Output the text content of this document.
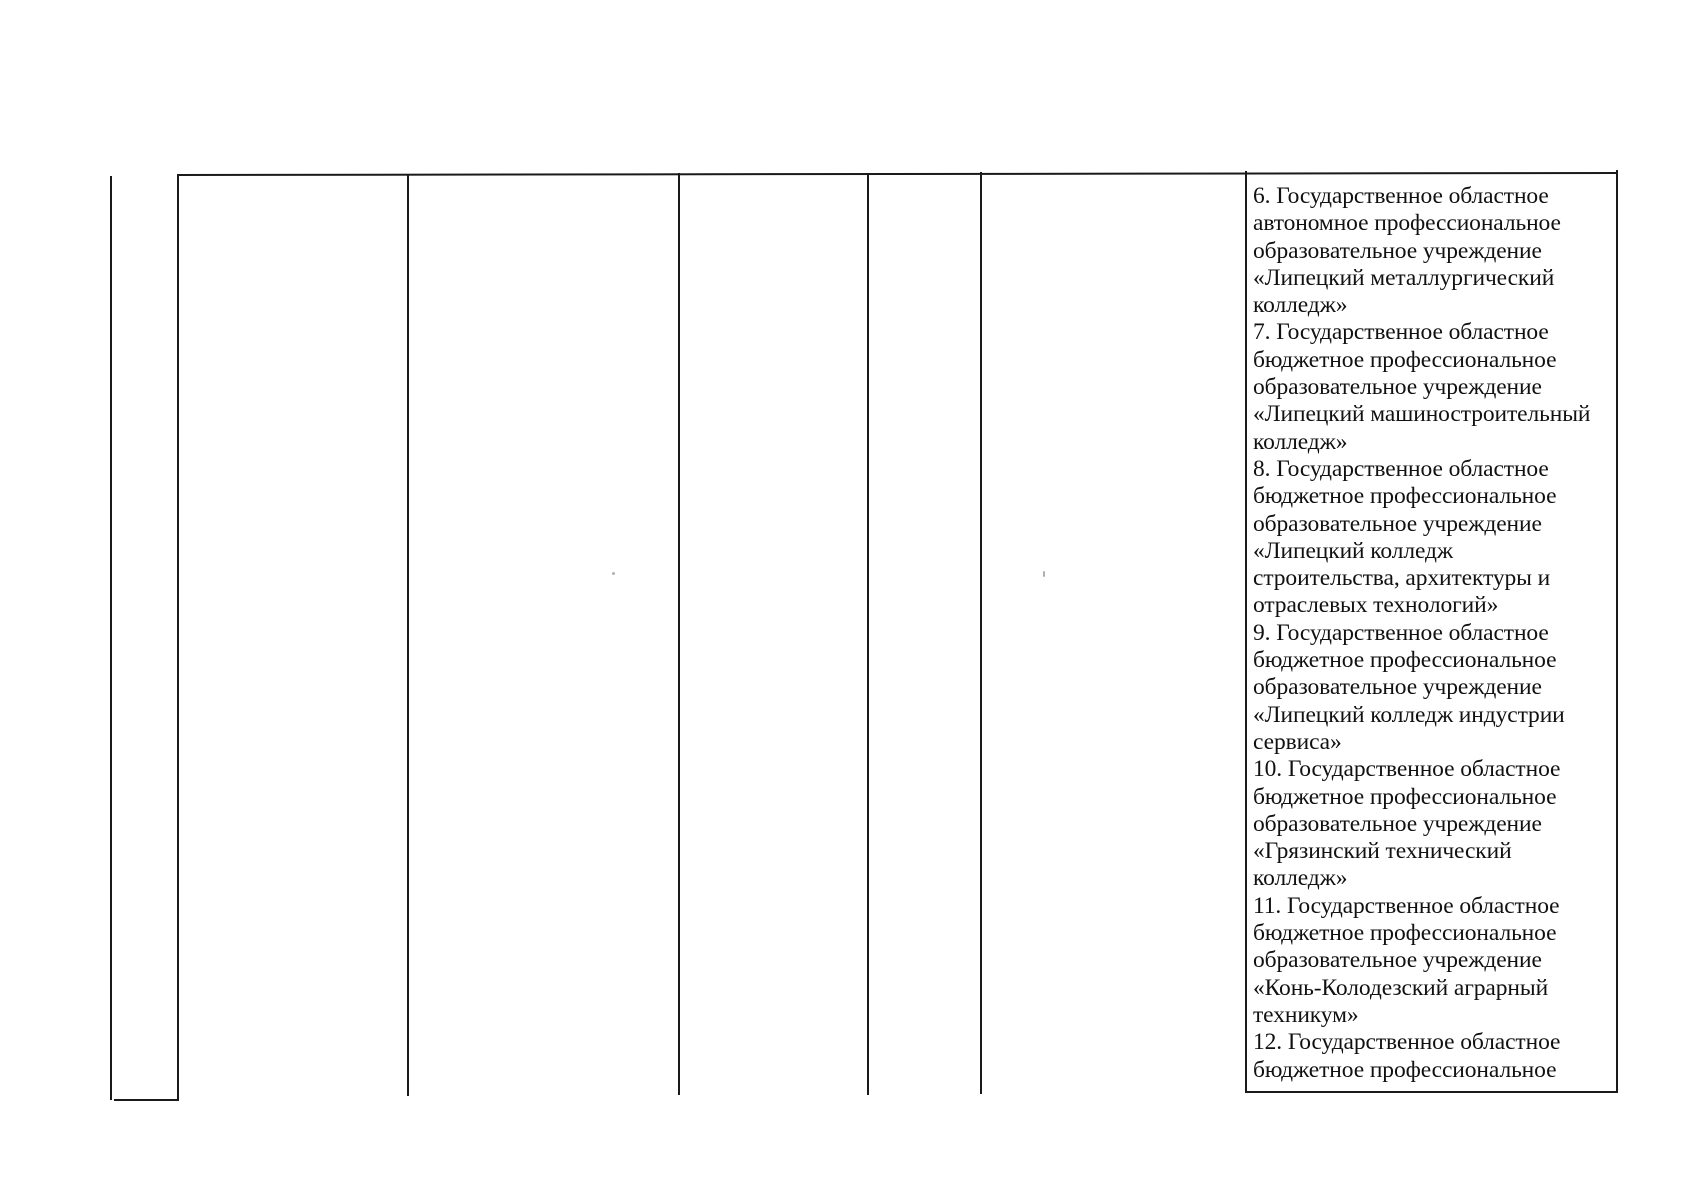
6. Государственное областное
автономное профессиональное
образовательное учреждение
«Липецкий металлургический
колледж»
7. Государственное областное
бюджетное профессиональное
образовательное учреждение
«Липецкий машиностроительный
колледж»
8. Государственное областное
бюджетное профессиональное
образовательное учреждение
«Липецкий колледж
строительства, архитектуры и
отраслевых технологий»
9. Государственное областное
бюджетное профессиональное
образовательное учреждение
«Липецкий колледж индустрии
сервиса»
10. Государственное областное
бюджетное профессиональное
образовательное учреждение
«Грязинский технический
колледж»
11. Государственное областное
бюджетное профессиональное
образовательное учреждение
«Конь-Колодезский аграрный
техникум»
12. Государственное областное
бюджетное профессиональное
